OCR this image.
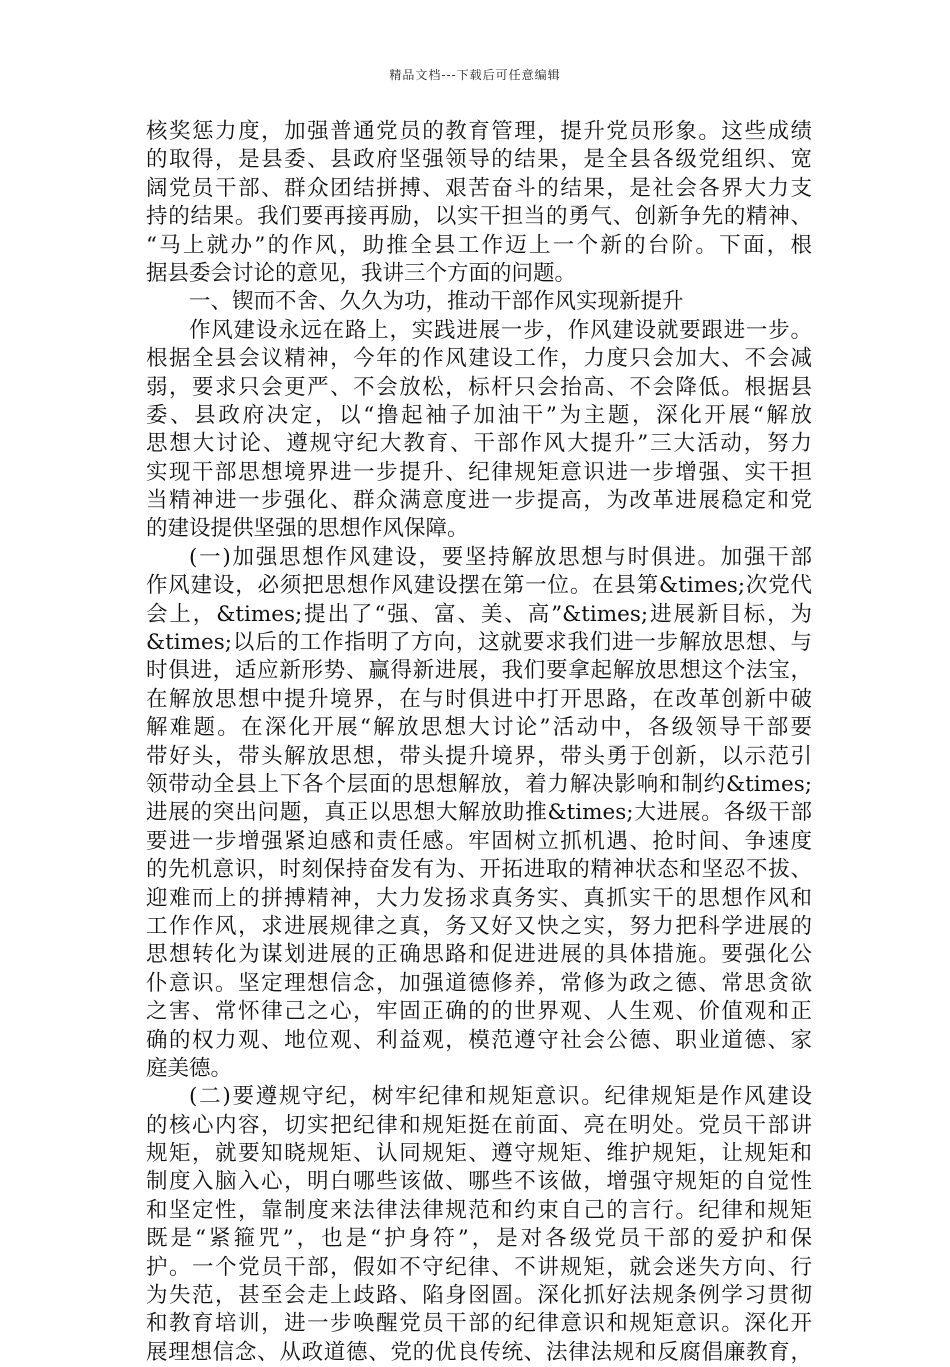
精品文档---下载后可任意编辑
核奖惩力度，加强普通党员的教育管理，提升党员形象。这些成绩
的取得，是县委、县政府坚强领导的结果，是全县各级党组织、宽
阔党员干部、群众团结拼搏、艰苦奋斗的结果，是社会各界大力支
持的结果。我们要再接再励，以实干担当的勇气、创新争先的精神、
“马上就办”的作风，助推全县工作迈上一个新的台阶。下面，根
据县委会讨论的意见，我讲三个方面的问题。
一、锲而不舍、久久为功，推动干部作风实现新提升
作风建设永远在路上，实践进展一步，作风建设就要跟进一步。
根据全县会议精神，今年的作风建设工作，力度只会加大、不会减
弱，要求只会更严、不会放松，标杆只会抬高、不会降低。根据县
委、县政府决定，以“撸起袖子加油干”为主题，深化开展“解放
思想大讨论、遵规守纪大教育、干部作风大提升”三大活动，努力
实现干部思想境界进一步提升、纪律规矩意识进一步增强、实干担
当精神进一步强化、群众满意度进一步提高，为改革进展稳定和党
的建设提供坚强的思想作风保障。
(一)加强思想作风建设，要坚持解放思想与时俱进。加强干部
作风建设，必须把思想作风建设摆在第一位。在县第&times;次党代
会上，&times;提出了“强、富、美、高”&times;进展新目标，为
&times;以后的工作指明了方向，这就要求我们进一步解放思想、与
时俱进，适应新形势、赢得新进展，我们要拿起解放思想这个法宝，
在解放思想中提升境界，在与时俱进中打开思路，在改革创新中破
解难题。在深化开展“解放思想大讨论”活动中，各级领导干部要
带好头，带头解放思想，带头提升境界，带头勇于创新，以示范引
领带动全县上下各个层面的思想解放，着力解决影响和制约&times;
进展的突出问题，真正以思想大解放助推&times;大进展。各级干部
要进一步增强紧迫感和责任感。牢固树立抓机遇、抢时间、争速度
的先机意识，时刻保持奋发有为、开拓进取的精神状态和坚忍不拔、
迎难而上的拼搏精神，大力发扬求真务实、真抓实干的思想作风和
工作作风，求进展规律之真，务又好又快之实，努力把科学进展的
思想转化为谋划进展的正确思路和促进进展的具体措施。要强化公
仆意识。坚定理想信念，加强道德修养，常修为政之德、常思贪欲
之害、常怀律己之心，牢固正确的的世界观、人生观、价值观和正
确的权力观、地位观、利益观，模范遵守社会公德、职业道德、家
庭美德。
(二)要遵规守纪，树牢纪律和规矩意识。纪律规矩是作风建设
的核心内容，切实把纪律和规矩挺在前面、亮在明处。党员干部讲
规矩，就要知晓规矩、认同规矩、遵守规矩、维护规矩，让规矩和
制度入脑入心，明白哪些该做、哪些不该做，增强守规矩的自觉性
和坚定性，靠制度来法律法律规范和约束自己的言行。纪律和规矩
既是“紧箍咒”，也是“护身符”，是对各级党员干部的爱护和保
护。一个党员干部，假如不守纪律、不讲规矩，就会迷失方向、行
为失范，甚至会走上歧路、陷身囹圄。深化抓好法规条例学习贯彻
和教育培训，进一步唤醒党员干部的纪律意识和规矩意识。深化开
展理想信念、从政道德、党的优良传统、法律法规和反腐倡廉教育，
